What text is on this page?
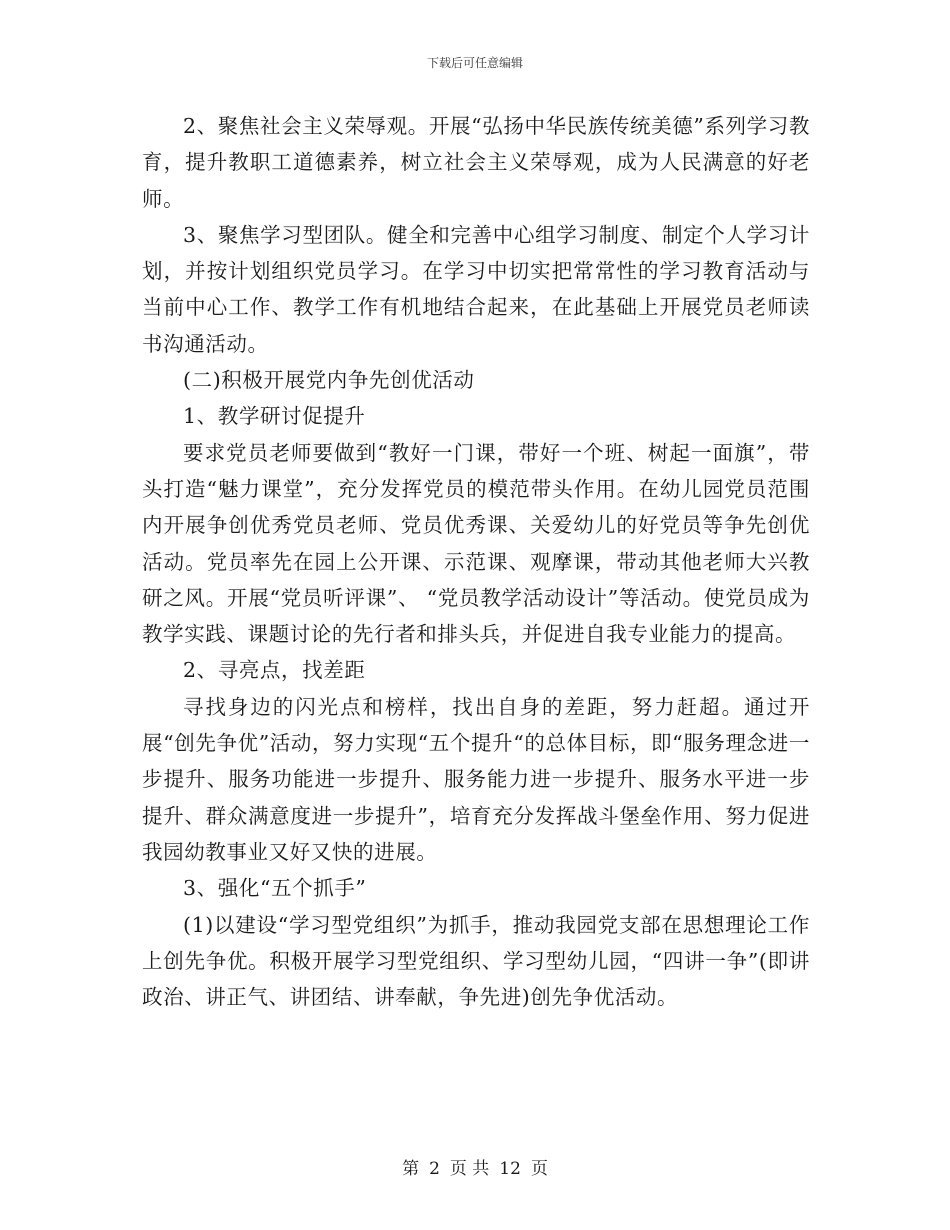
下载后可任意编辑

2、聚焦社会主义荣辱观。开展“弘扬中华民族传统美德”系列学习教育，提升教职工道德素养，树立社会主义荣辱观，成为人民满意的好老师。

3、聚焦学习型团队。健全和完善中心组学习制度、制定个人学习计划，并按计划组织党员学习。在学习中切实把常常性的学习教育活动与当前中心工作、教学工作有机地结合起来，在此基础上开展党员老师读书沟通活动。

(二)积极开展党内争先创优活动

1、教学研讨促提升

要求党员老师要做到“教好一门课，带好一个班、树起一面旗”，带头打造“魅力课堂”，充分发挥党员的模范带头作用。在幼儿园党员范围内开展争创优秀党员老师、党员优秀课、关爱幼儿的好党员等争先创优活动。党员率先在园上公开课、示范课、观摩课，带动其他老师大兴教研之风。开展“党员听评课”、 “党员教学活动设计”等活动。使党员成为教学实践、课题讨论的先行者和排头兵，并促进自我专业能力的提高。

2、寻亮点，找差距

寻找身边的闪光点和榜样，找出自身的差距，努力赶超。通过开展“创先争优”活动，努力实现“五个提升“的总体目标，即“服务理念进一步提升、服务功能进一步提升、服务能力进一步提升、服务水平进一步提升、群众满意度进一步提升”，培育充分发挥战斗堡垒作用、努力促进我园幼教事业又好又快的进展。

3、强化“五个抓手”

(1)以建设“学习型党组织”为抓手，推动我园党支部在思想理论工作上创先争优。积极开展学习型党组织、学习型幼儿园，“四讲一争”(即讲政治、讲正气、讲团结、讲奉献，争先进)创先争优活动。

第 2 页 共 12 页
